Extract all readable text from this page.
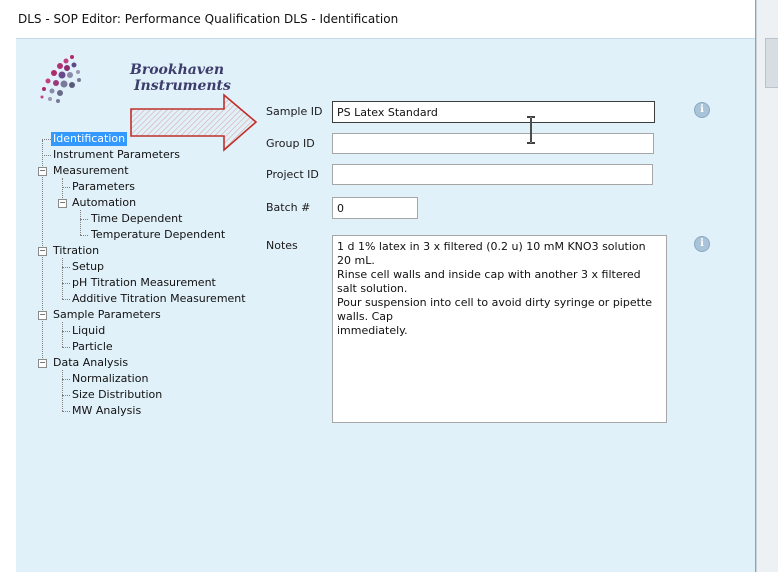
DLS - SOP Editor: Performance Qualification DLS - Identification
Brookhaven
Instruments
−
−
−
−
−
Identification
Instrument Parameters
Measurement
Parameters
Automation
Time Dependent
Temperature Dependent
Titration
Setup
pH Titration Measurement
Additive Titration Measurement
Sample Parameters
Liquid
Particle
Data Analysis
Normalization
Size Distribution
MW Analysis
Sample ID
PS Latex Standard	i
Group ID
Project ID
Batch #
0
Notes	1 d 1% latex in 3 x filtered (0.2 u) 10 mM KNO3 solution 20 mL.
Rinse cell walls and inside cap with another 3 x filtered salt solution.
Pour suspension into cell to avoid dirty syringe or pipette walls. Cap
immediately.
i
